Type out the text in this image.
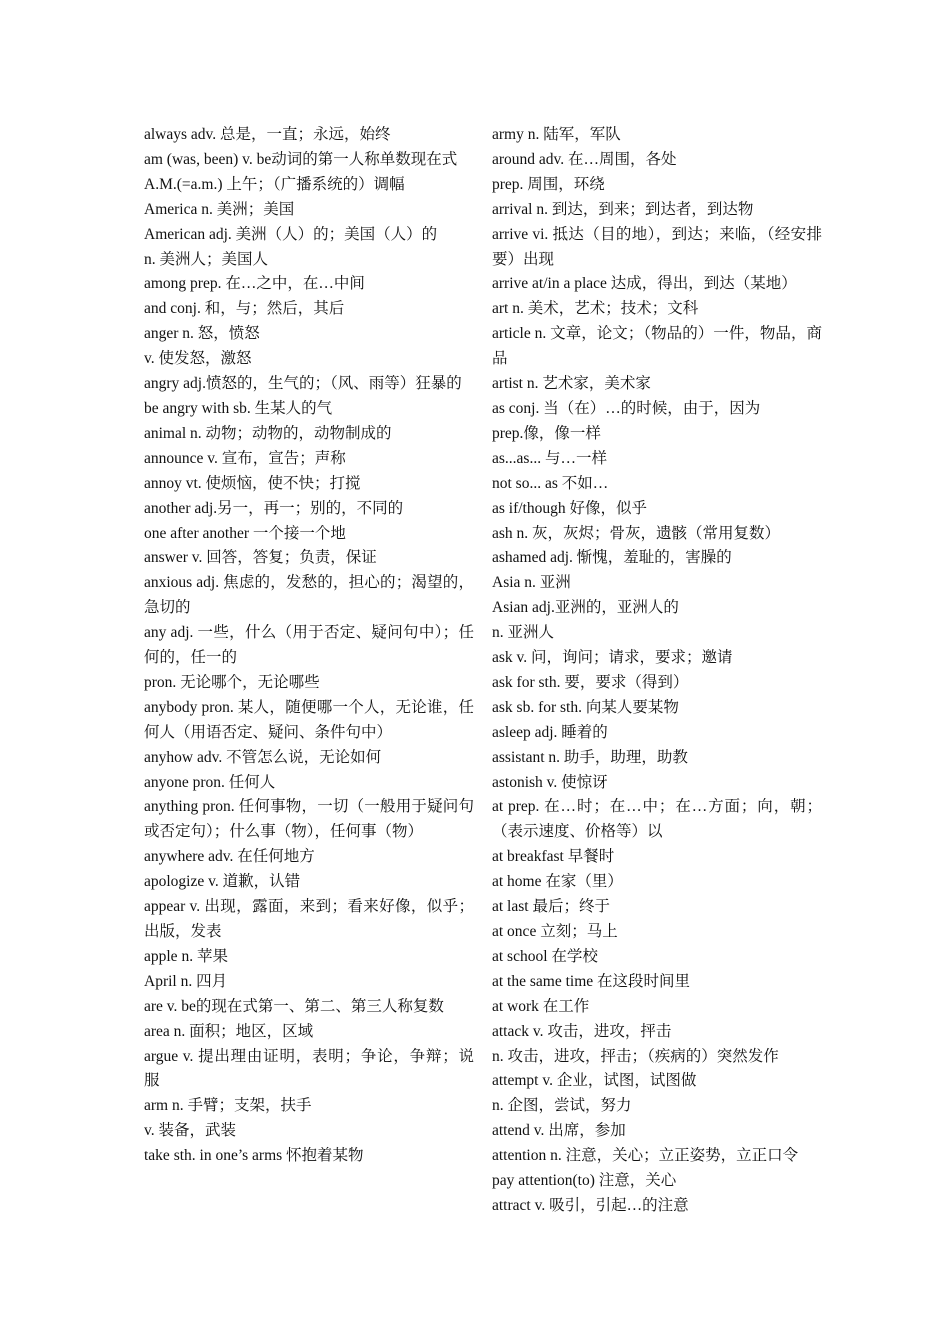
always adv. 总是，一直；永远，始终
am (was, been) v. be动词的第一人称单数现在式
A.M.(=a.m.) 上午；（广播系统的）调幅
America n. 美洲；美国
American adj. 美洲（人）的；美国（人）的
n. 美洲人；美国人
among prep. 在…之中，在…中间
and conj. 和，与；然后，其后
anger n. 怒，愤怒
v. 使发怒，激怒
angry adj.愤怒的，生气的；（风、雨等）狂暴的
be angry with sb. 生某人的气
animal n. 动物；动物的，动物制成的
announce v. 宣布，宣告；声称
annoy vt. 使烦恼，使不快；打搅
another adj.另一，再一；别的，不同的
one after another 一个接一个地
answer v. 回答，答复；负责，保证
anxious adj. 焦虑的，发愁的，担心的；渴望的，急切的
any adj. 一些，什么（用于否定、疑问句中）；任何的，任一的
pron. 无论哪个，无论哪些
anybody pron. 某人，随便哪一个人，无论谁，任何人（用语否定、疑问、条件句中）
anyhow adv. 不管怎么说，无论如何
anyone pron. 任何人
anything pron. 任何事物，一切（一般用于疑问句或否定句）；什么事（物），任何事（物）
anywhere adv. 在任何地方
apologize v. 道歉，认错
appear v. 出现，露面，来到；看来好像，似乎；出版，发表
apple n. 苹果
April n. 四月
are v. be的现在式第一、第二、第三人称复数
area n. 面积；地区，区域
argue v. 提出理由证明，表明；争论，争辩；说服
arm n. 手臂；支架，扶手
v. 装备，武装
take sth. in one’s arms 怀抱着某物
army n. 陆军，军队
around adv. 在…周围，各处
prep. 周围，环绕
arrival n. 到达，到来；到达者，到达物
arrive vi. 抵达（目的地），到达；来临，（经安排要）出现
arrive at/in a place 达成，得出，到达（某地）
art n. 美术，艺术；技术；文科
article n. 文章，论文；（物品的）一件，物品，商品
artist n. 艺术家，美术家
as conj. 当（在）…的时候，由于，因为
prep.像，像一样
as...as... 与…一样
not so... as 不如…
as if/though 好像，似乎
ash n. 灰，灰烬；骨灰，遗骸（常用复数）
ashamed adj. 惭愧，羞耻的，害臊的
Asia n. 亚洲
Asian adj.亚洲的，亚洲人的
n. 亚洲人
ask v. 问，询问；请求，要求；邀请
ask for sth. 要，要求（得到）
ask sb. for sth. 向某人要某物
asleep adj. 睡着的
assistant n. 助手，助理，助教
astonish v. 使惊讶
at prep. 在…时；在…中；在…方面；向，朝；（表示速度、价格等）以
at breakfast 早餐时
at home 在家（里）
at last 最后；终于
at once 立刻；马上
at school 在学校
at the same time 在这段时间里
at work 在工作
attack v. 攻击，进攻，抨击
n. 攻击，进攻，抨击；（疾病的）突然发作
attempt v. 企业，试图，试图做
n. 企图，尝试，努力
attend v. 出席，参加
attention n. 注意，关心；立正姿势，立正口令
pay attention(to) 注意，关心
attract v. 吸引，引起…的注意
